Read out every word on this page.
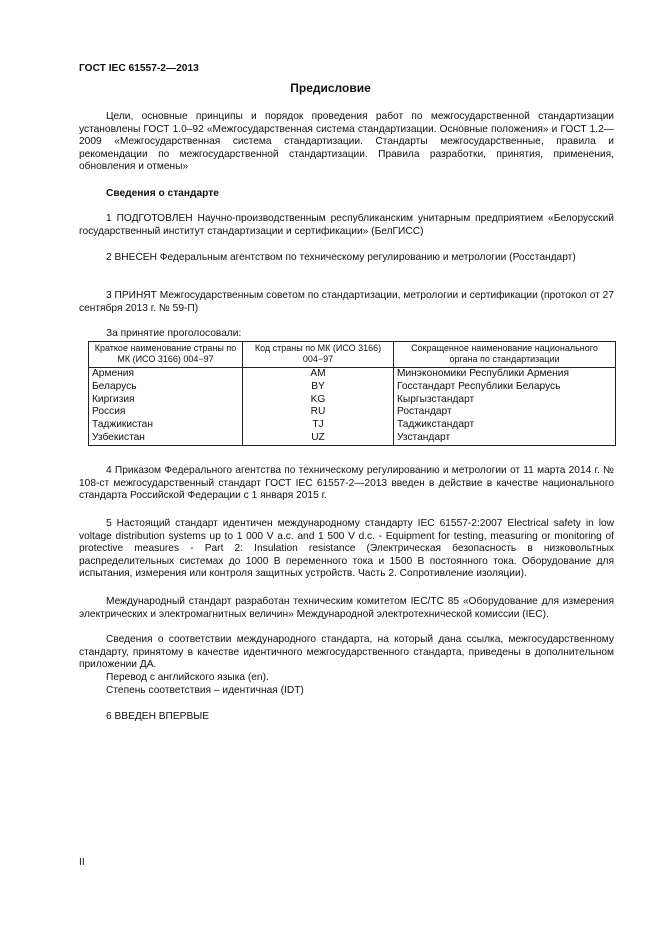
ГОСТ IEC 61557-2—2013
Предисловие
Цели, основные принципы и порядок проведения работ по межгосударственной стандартизации установлены ГОСТ 1.0–92 «Межгосударственная система стандартизации. Основные положения» и ГОСТ 1.2—2009 «Межгосударственная система стандартизации. Стандарты межгосударственные, правила и рекомендации по межгосударственной стандартизации. Правила разработки, принятия, применения, обновления и отмены»
Сведения о стандарте
1 ПОДГОТОВЛЕН Научно-производственным республиканским унитарным предприятием «Белорусский государственный институт стандартизации и сертификации» (БелГИСС)
2 ВНЕСЕН Федеральным агентством по техническому регулированию и метрологии (Росстандарт)
3 ПРИНЯТ Межгосударственным советом по стандартизации, метрологии и сертификации (протокол от 27 сентября 2013 г. № 59-П)
За принятие проголосовали:
Краткое наименование страны по МК (ИСО 3166) 004−97	Код страны по МК (ИСО 3166) 004−97	Сокращенное наименование национального органа по стандартизации
Армения	AM	Минэкономики Республики Армения
Беларусь	BY	Госстандарт Республики Беларусь
Киргизия	KG	Кыргызстандарт
Россия	RU	Ростандарт
Таджикистан	TJ	Таджикстандарт
Узбекистан	UZ	Узстандарт
4 Приказом Федерального агентства по техническому регулированию и метрологии от 11 марта 2014 г. № 108-ст межгосударственный стандарт ГОСТ IEC 61557-2—2013 введен в действие в качестве национального стандарта Российской Федерации с 1 января 2015 г.
5 Настоящий стандарт идентичен международному стандарту IEC 61557-2:2007 Electrical safety in low voltage distribution systems up to 1 000 V a.c. and 1 500 V d.c. - Equipment for testing, measuring or monitoring of protective measures - Part 2: Insulation resistance (Электрическая безопасность в низковольтных распределительных системах до 1000 В переменного тока и 1500 В постоянного тока. Оборудование для испытания, измерения или контроля защитных устройств. Часть 2. Сопротивление изоляции).
Международный стандарт разработан техническим комитетом IEC/TC 85 «Оборудование для измерения электрических и электромагнитных величин» Международной электротехнической комиссии (IEC).
Сведения о соответствии международного стандарта, на который дана ссылка, межгосударственному стандарту, принятому в качестве идентичного межгосударственного стандарта, приведены в дополнительном приложении ДА.
Перевод с английского языка (en).
Степень соответствия – идентичная (IDT)
6 ВВЕДЕН ВПЕРВЫЕ
II
